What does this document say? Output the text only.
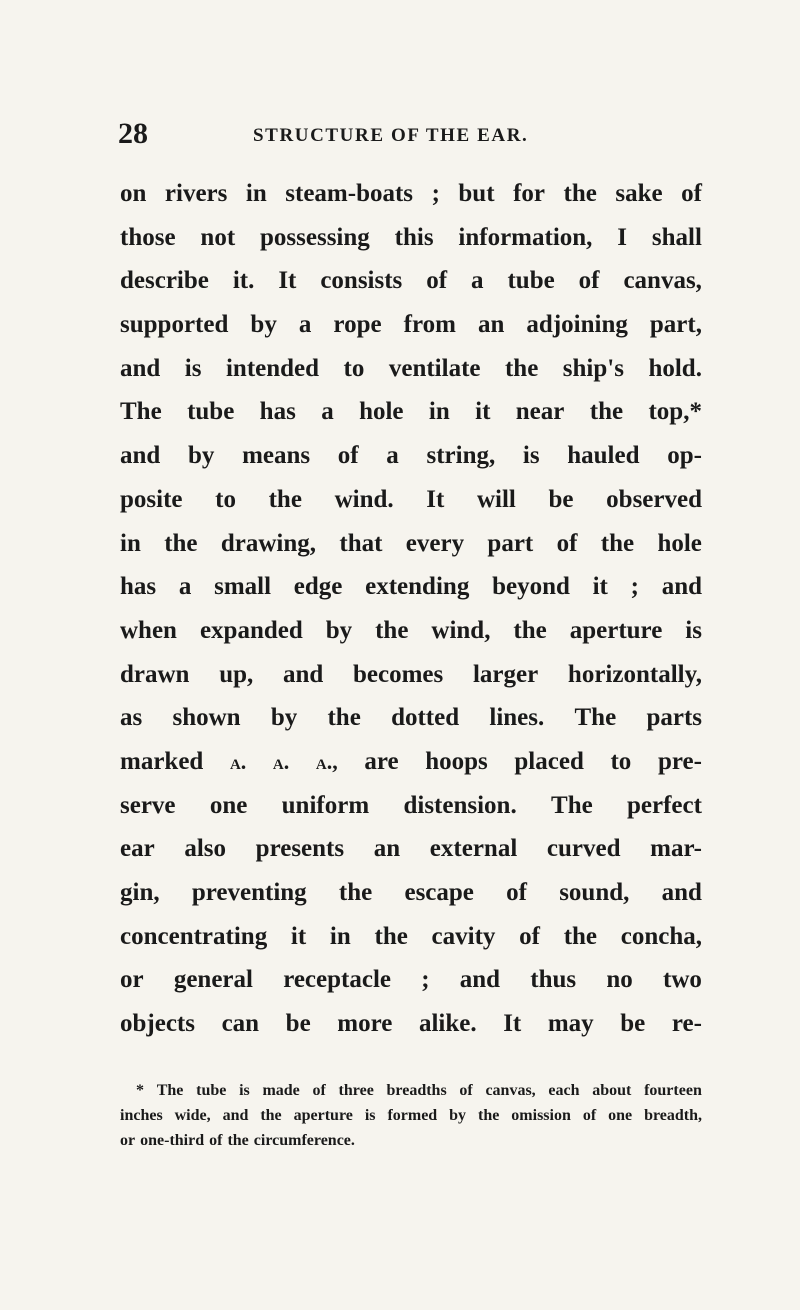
28	STRUCTURE OF THE EAR.
on rivers in steam-boats ; but for the sake of
those not possessing this information, I shall
describe it. It consists of a tube of canvas,
supported by a rope from an adjoining part,
and is intended to ventilate the ship's hold.
The tube has a hole in it near the top,*
and by means of a string, is hauled op-
posite to the wind. It will be observed
in the drawing, that every part of the hole
has a small edge extending beyond it ; and
when expanded by the wind, the aperture is
drawn up, and becomes larger horizontally,
as shown by the dotted lines. The parts
marked a. a. a., are hoops placed to pre-
serve one uniform distension. The perfect
ear also presents an external curved mar-
gin, preventing the escape of sound, and
concentrating it in the cavity of the concha,
or general receptacle ; and thus no two
objects can be more alike. It may be re-
* The tube is made of three breadths of canvas, each about fourteen
inches wide, and the aperture is formed by the omission of one breadth,
or one-third of the circumference.
